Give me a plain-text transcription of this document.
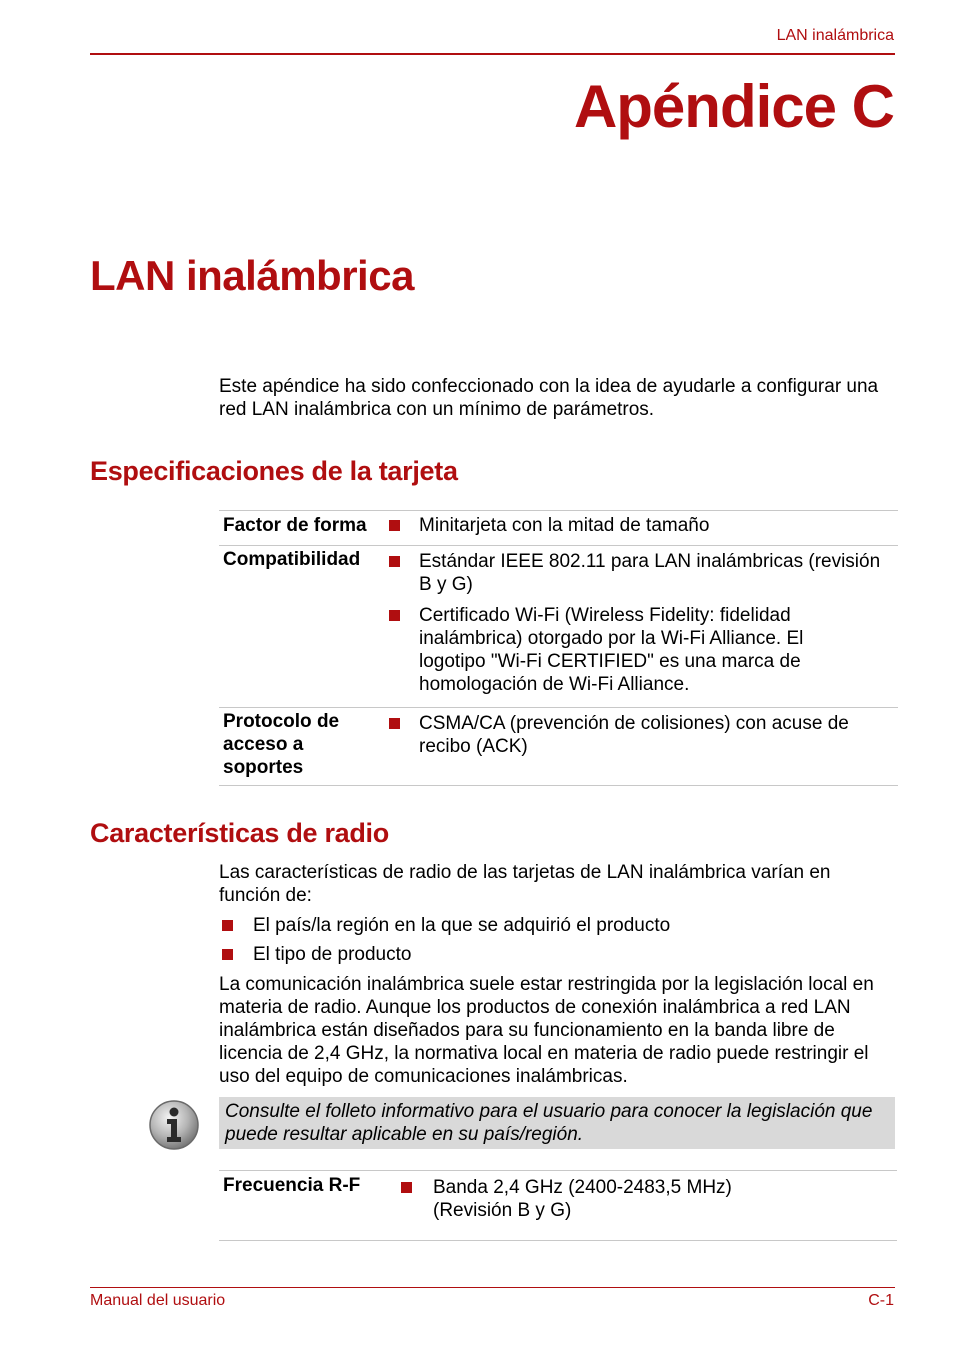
LAN inalámbrica
Apéndice C
LAN inalámbrica
Este apéndice ha sido confeccionado con la idea de ayudarle a configurar una red LAN inalámbrica con un mínimo de parámetros.
Especificaciones de la tarjeta
Factor de forma		Minitarjeta con la mitad de tamaño
Compatibilidad		Estándar IEEE 802.11 para LAN inalámbricas (revisión B y G)
		Certificado Wi-Fi (Wireless Fidelity: fidelidad inalámbrica) otorgado por la Wi-Fi Alliance. El logotipo "Wi-Fi CERTIFIED" es una marca de homologación de Wi-Fi Alliance.
Protocolo de acceso a soportes		CSMA/CA (prevención de colisiones) con acuse de recibo (ACK)
Características de radio
Las características de radio de las tarjetas de LAN inalámbrica varían en función de:
El país/la región en la que se adquirió el producto
El tipo de producto
La comunicación inalámbrica suele estar restringida por la legislación local en materia de radio. Aunque los productos de conexión inalámbrica a red LAN inalámbrica están diseñados para su funcionamiento en la banda libre de licencia de 2,4 GHz, la normativa local en materia de radio puede restringir el uso del equipo de comunicaciones inalámbricas.
Consulte el folleto informativo para el usuario para conocer la legislación que puede resultar aplicable en su país/región.
Frecuencia R-F		Banda 2,4 GHz (2400-2483,5 MHz) (Revisión B y G)
Manual del usuario	C-1
